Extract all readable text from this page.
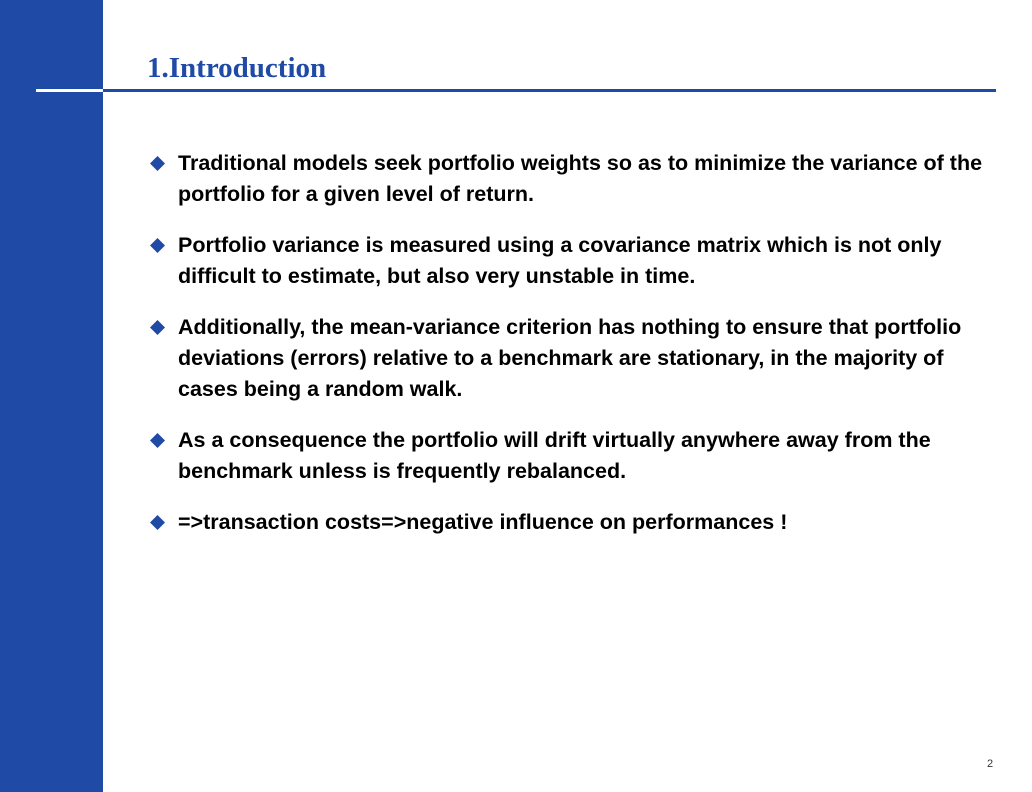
1.Introduction
Traditional models seek portfolio weights so as to minimize the variance of the portfolio for a given level of return.
Portfolio variance is measured using a covariance matrix which is not only difficult to estimate, but also very unstable in time.
Additionally, the mean-variance criterion has nothing to ensure that portfolio deviations (errors) relative to a benchmark are stationary, in the majority of cases being a random walk.
As a consequence the portfolio will drift virtually anywhere away from the benchmark unless is frequently rebalanced.
=>transaction costs=>negative influence on performances !
2
